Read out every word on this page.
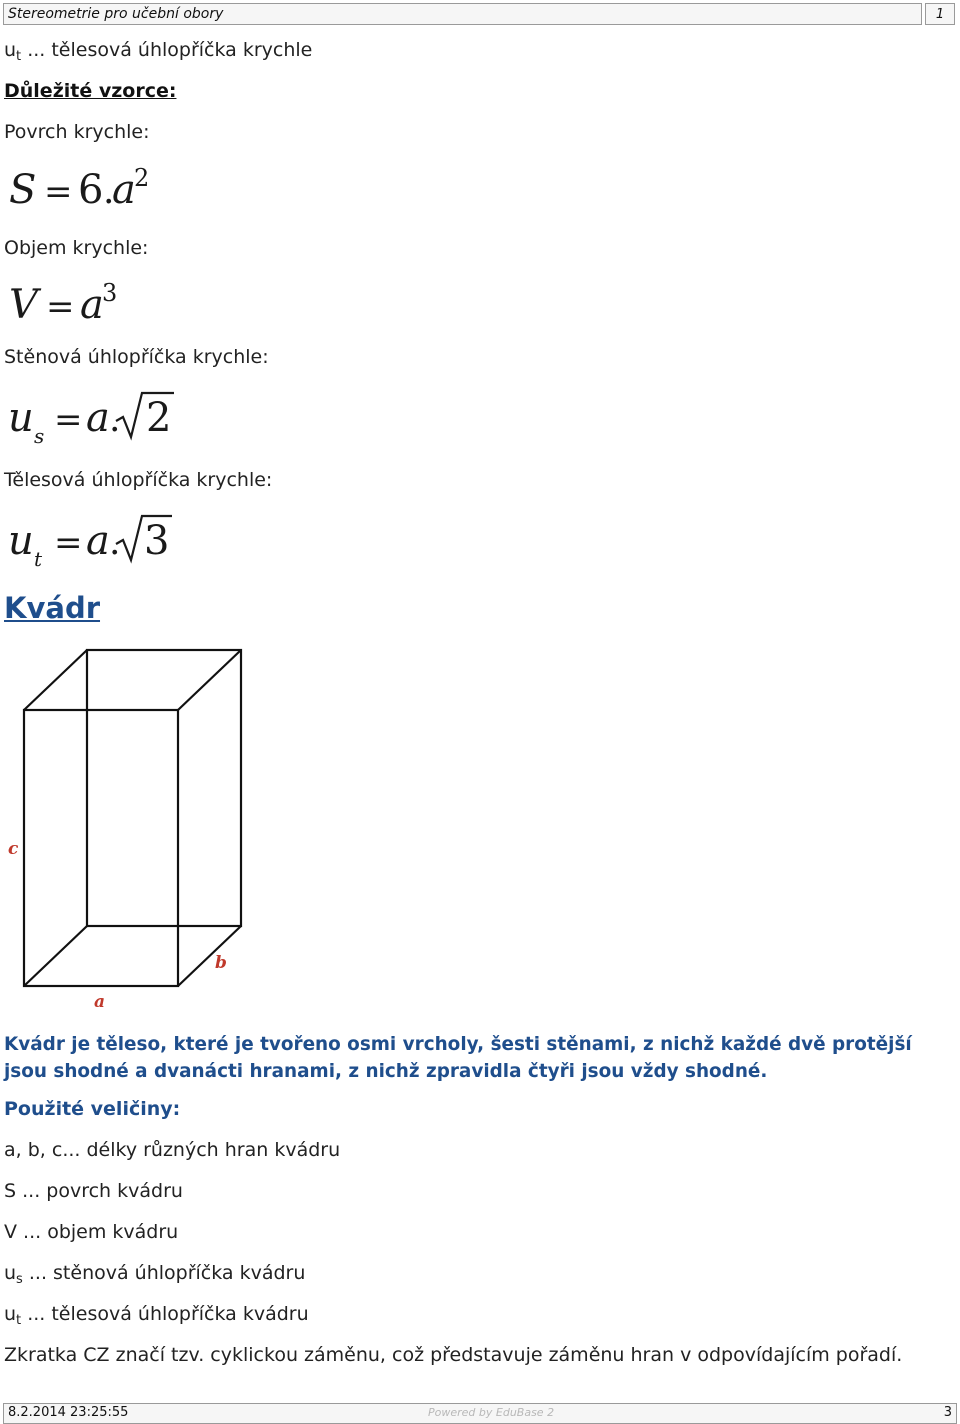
Stereometrie pro učební obory	1
$u_t$ ... tělesová úhlopříčka krychle
Důležité vzorce:
Povrch krychle:
S = 6 .
a
2
Objem krychle:
V = a
3
Stěnová úhlopříčka krychle:
u s = a . 2
Tělesová úhlopříčka krychle:
u t = a . 3
Kvádr
c
b
a
Kvádr je těleso, které je tvořeno osmi vrcholy, šesti stěnami, z nichž každé dvě protější jsou shodné a dvanácti hranami, z nichž zpravidla čtyři jsou vždy shodné.
Použité veličiny:
a, b, c... délky různých hran kvádru
S ... povrch kvádru
V ... objem kvádru
$u_s$ ... stěnová úhlopříčka kvádru
$u_t$ ... tělesová úhlopříčka kvádru
Zkratka CZ značí tzv. cyklickou záměnu, což představuje záměnu hran v odpovídajícím pořadí.
8.2.2014 23:25:55	Powered by EduBase 2	3
